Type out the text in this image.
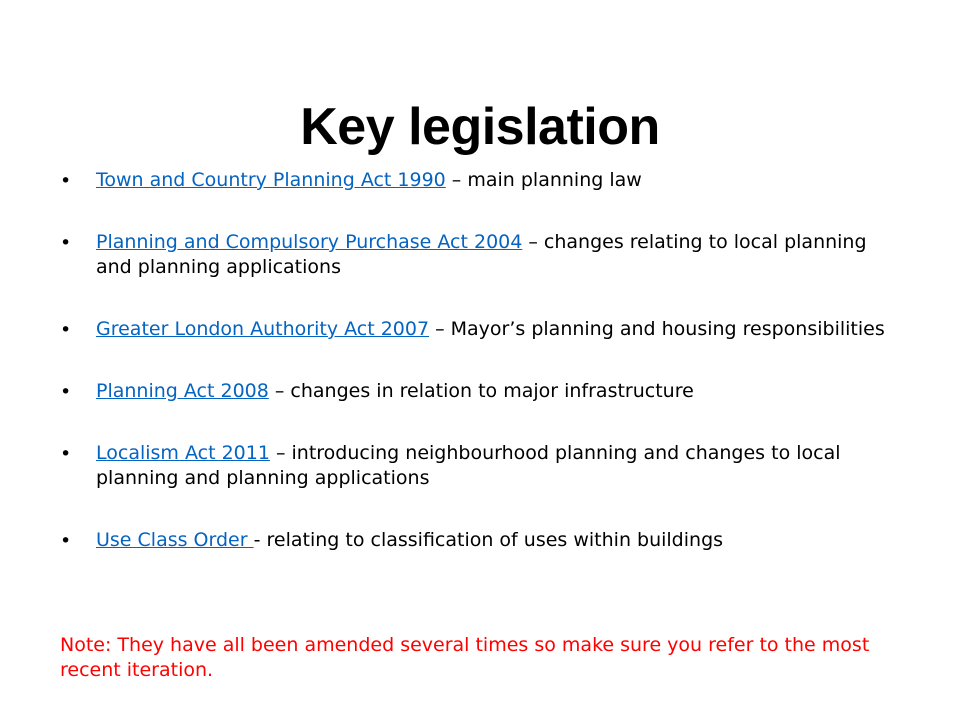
Key legislation
• Town and Country Planning Act 1990 – main planning law
• Planning and Compulsory Purchase Act 2004 – changes relating to local planning and planning applications
• Greater London Authority Act 2007 – Mayor’s planning and housing responsibilities
• Planning Act 2008 – changes in relation to major infrastructure
• Localism Act 2011 – introducing neighbourhood planning and changes to local planning and planning applications
• Use Class Order - relating to classification of uses within buildings
Note: They have all been amended several times so make sure you refer to the most recent iteration.
